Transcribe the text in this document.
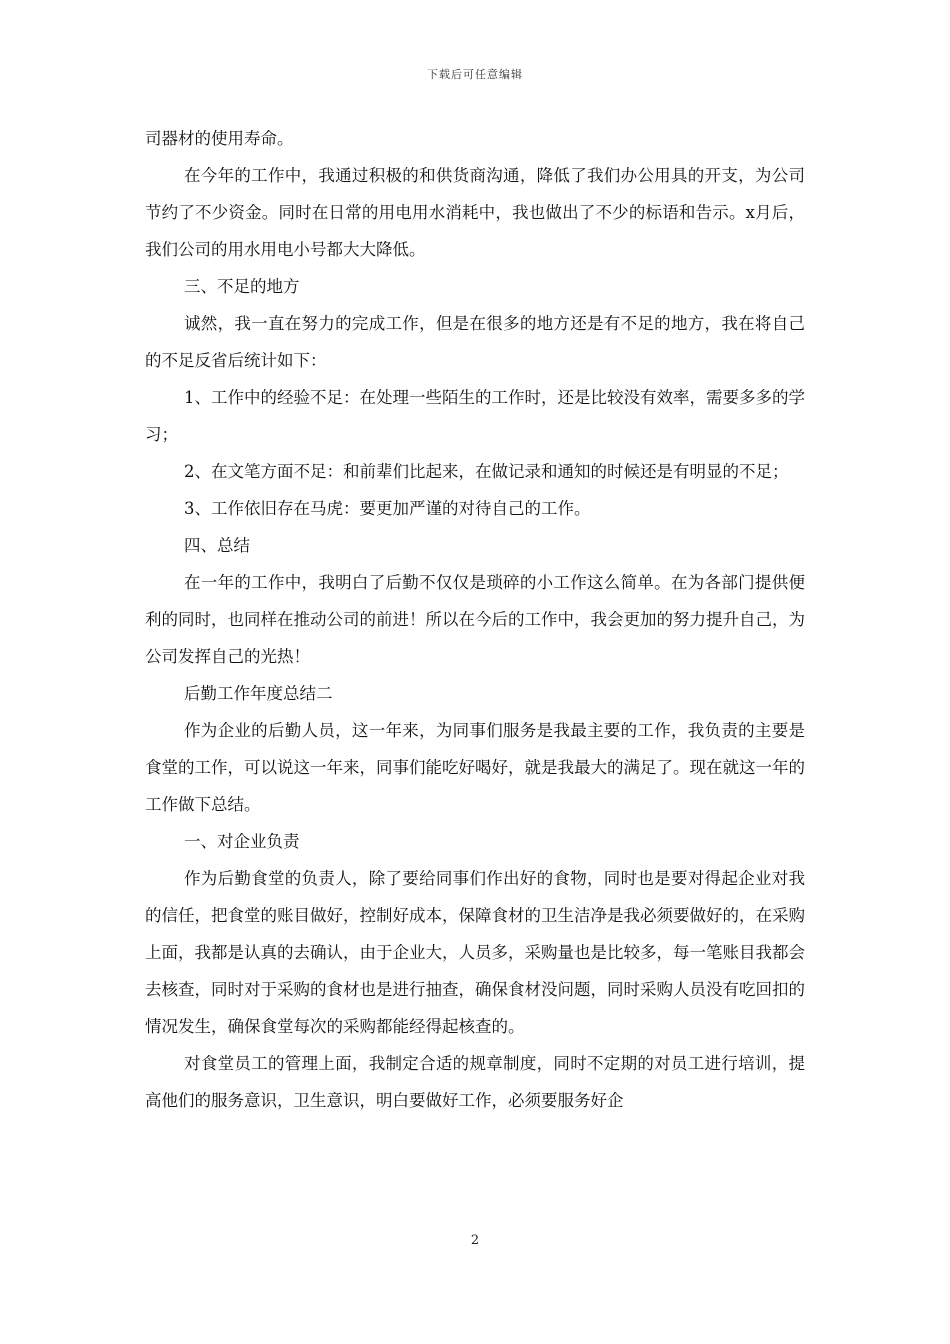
下载后可任意编辑

司器材的使用寿命。

在今年的工作中，我通过积极的和供货商沟通，降低了我们办公用具的开支，为公司节约了不少资金。同时在日常的用电用水消耗中，我也做出了不少的标语和告示。x月后，我们公司的用水用电小号都大大降低。

三、不足的地方

诚然，我一直在努力的完成工作，但是在很多的地方还是有不足的地方，我在将自己的不足反省后统计如下：

1、工作中的经验不足：在处理一些陌生的工作时，还是比较没有效率，需要多多的学习；

2、在文笔方面不足：和前辈们比起来，在做记录和通知的时候还是有明显的不足；

3、工作依旧存在马虎：要更加严谨的对待自己的工作。

四、总结

在一年的工作中，我明白了后勤不仅仅是琐碎的小工作这么简单。在为各部门提供便利的同时，也同样在推动公司的前进！所以在今后的工作中，我会更加的努力提升自己，为公司发挥自己的光热！

后勤工作年度总结二

作为企业的后勤人员，这一年来，为同事们服务是我最主要的工作，我负责的主要是食堂的工作，可以说这一年来，同事们能吃好喝好，就是我最大的满足了。现在就这一年的工作做下总结。

一、对企业负责

作为后勤食堂的负责人，除了要给同事们作出好的食物，同时也是要对得起企业对我的信任，把食堂的账目做好，控制好成本，保障食材的卫生洁净是我必须要做好的，在采购上面，我都是认真的去确认，由于企业大，人员多，采购量也是比较多，每一笔账目我都会去核查，同时对于采购的食材也是进行抽查，确保食材没问题，同时采购人员没有吃回扣的情况发生，确保食堂每次的采购都能经得起核查的。

对食堂员工的管理上面，我制定合适的规章制度，同时不定期的对员工进行培训，提高他们的服务意识，卫生意识，明白要做好工作，必须要服务好企

2
